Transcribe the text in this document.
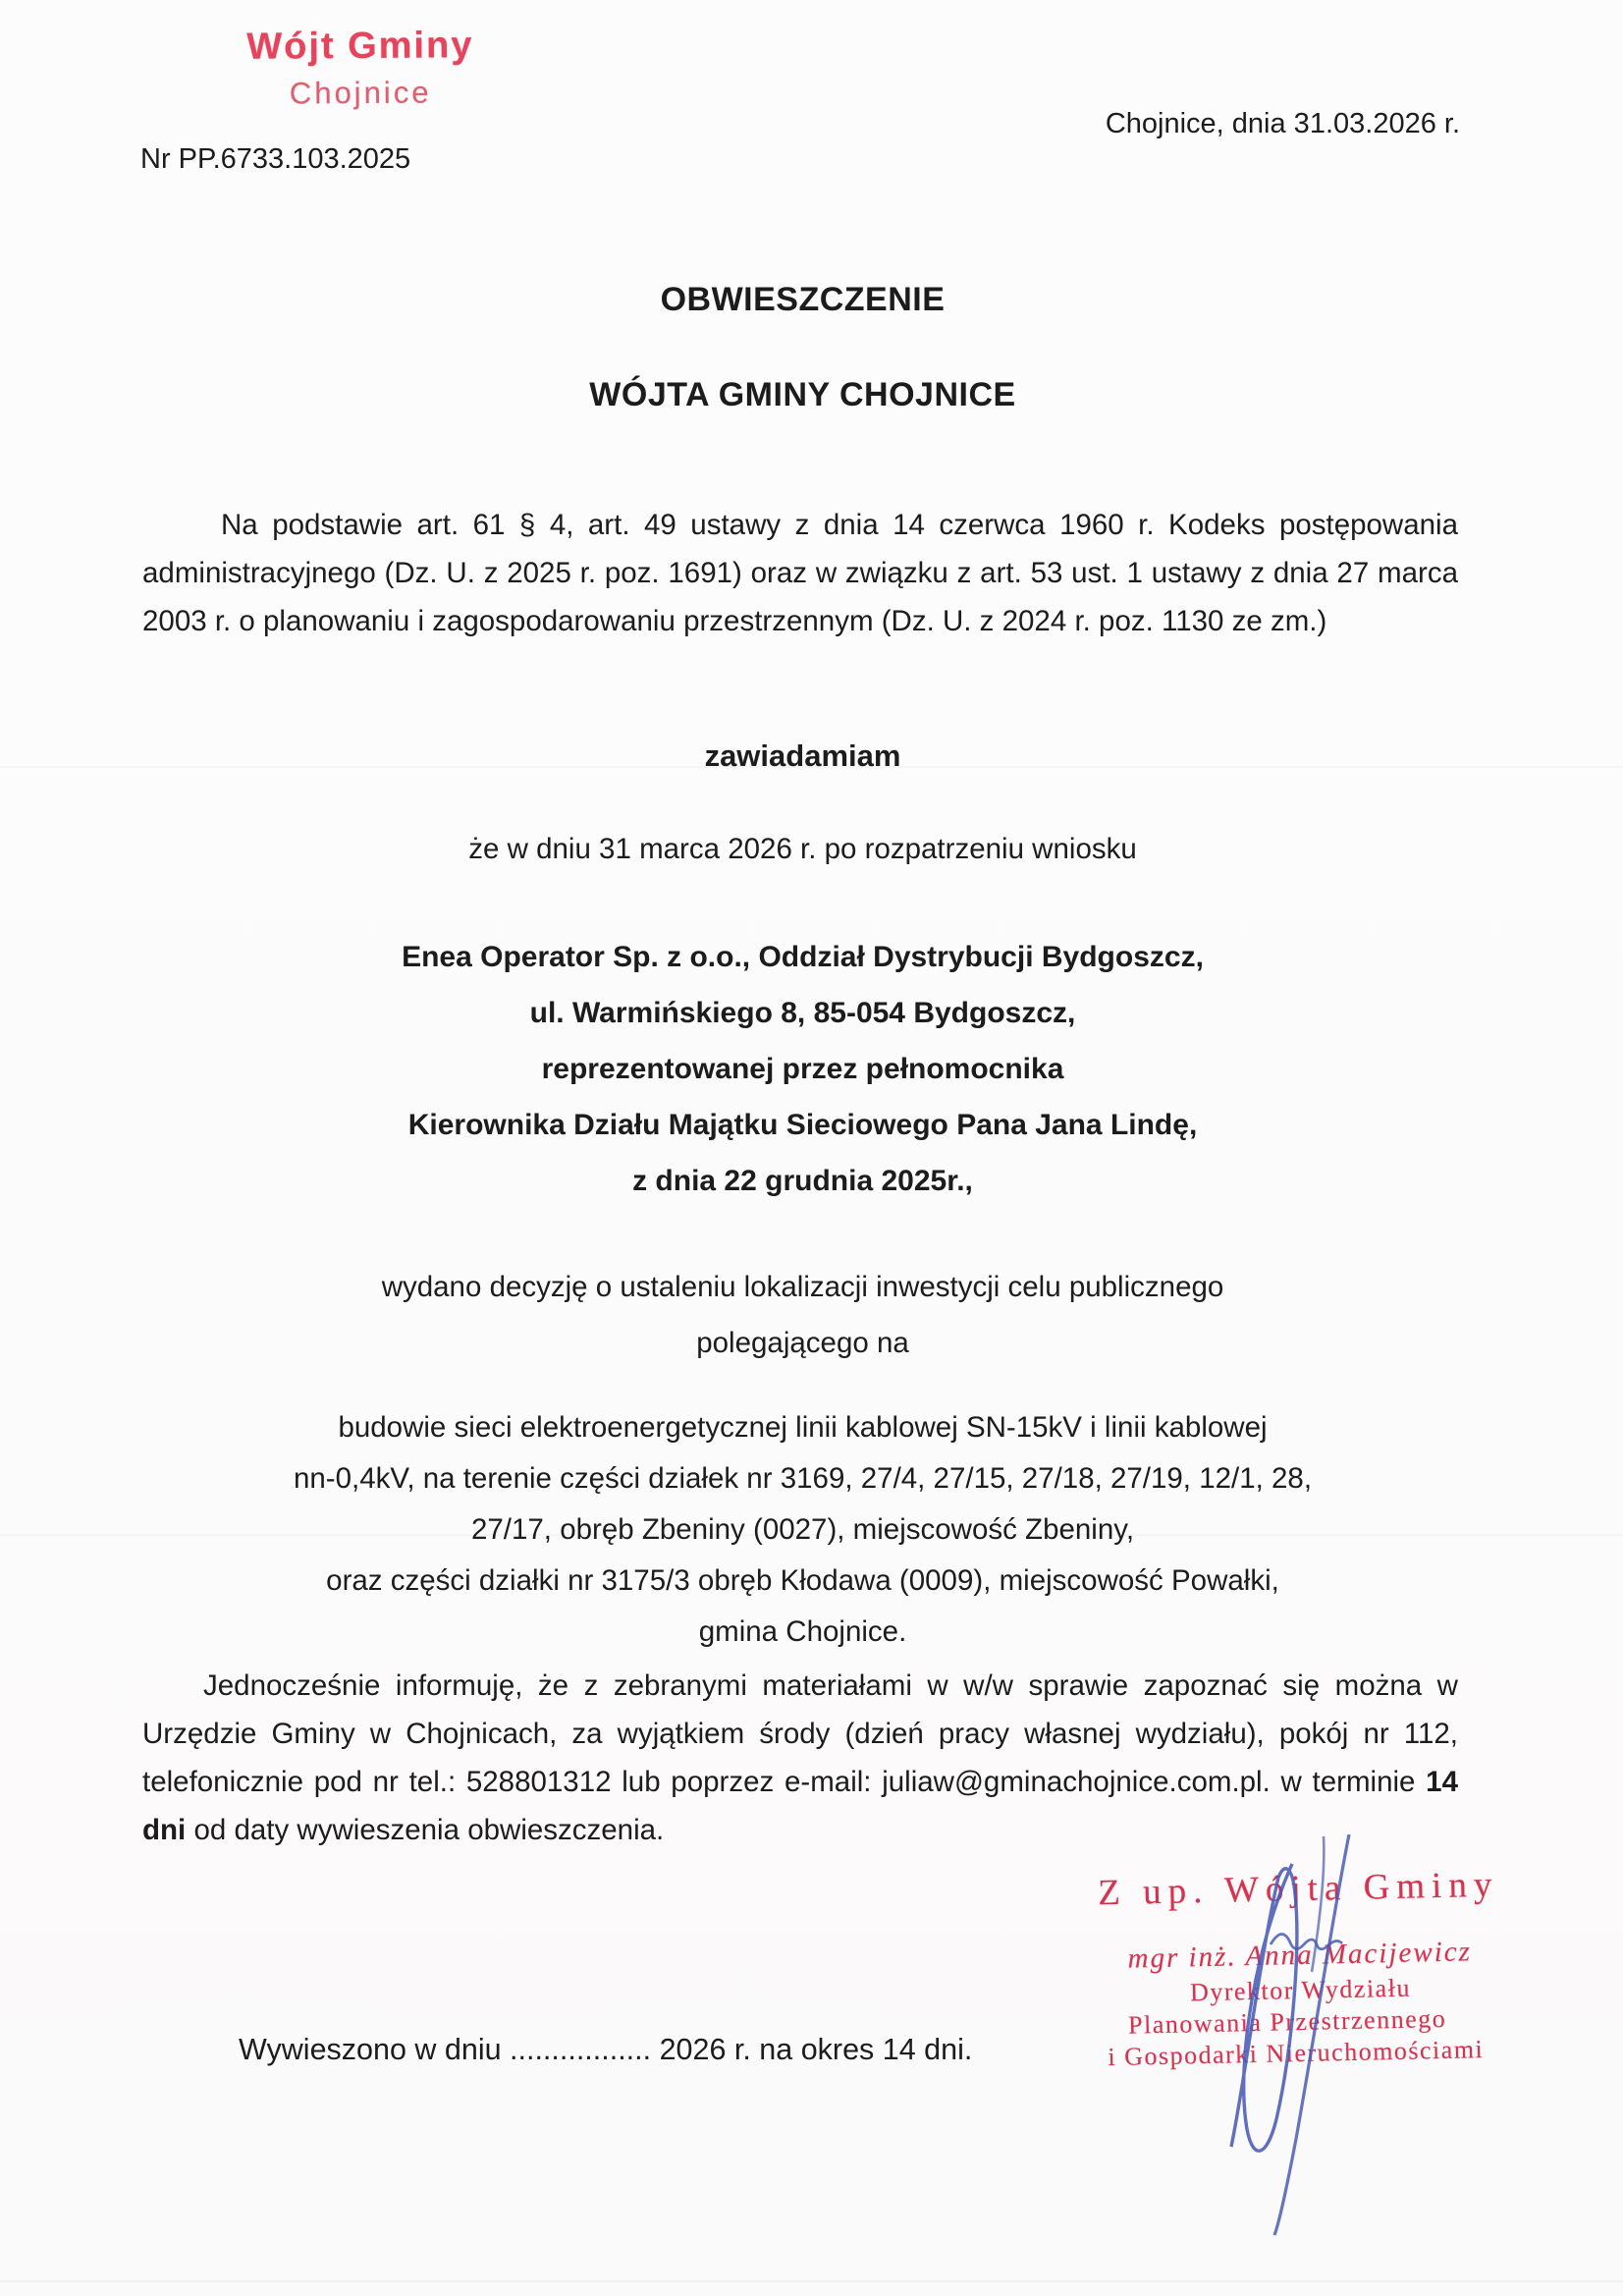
Wójt Gminy
Chojnice
Nr PP.6733.103.2025
Chojnice, dnia 31.03.2026 r.
OBWIESZCZENIE
WÓJTA GMINY CHOJNICE
Na podstawie art. 61 § 4, art. 49 ustawy z dnia 14 czerwca 1960 r. Kodeks postępowania administracyjnego (Dz. U. z 2025 r. poz. 1691) oraz w związku z art. 53 ust. 1 ustawy z dnia 27 marca 2003 r. o planowaniu i zagospodarowaniu przestrzennym (Dz. U. z 2024 r. poz. 1130 ze zm.)
zawiadamiam
że w dniu 31 marca 2026 r. po rozpatrzeniu wniosku
Enea Operator Sp. z o.o., Oddział Dystrybucji Bydgoszcz,
ul. Warmińskiego 8, 85-054 Bydgoszcz,
reprezentowanej przez pełnomocnika
Kierownika Działu Majątku Sieciowego Pana Jana Lindę,
z dnia 22 grudnia 2025r.,
wydano decyzję o ustaleniu lokalizacji inwestycji celu publicznego
polegającego na
budowie sieci elektroenergetycznej linii kablowej SN-15kV i linii kablowej
nn-0,4kV, na terenie części działek nr 3169, 27/4, 27/15, 27/18, 27/19, 12/1, 28,
27/17, obręb Zbeniny (0027), miejscowość Zbeniny,
oraz części działki nr 3175/3 obręb Kłodawa (0009), miejscowość Powałki,
gmina Chojnice.
Jednocześnie informuję, że z zebranymi materiałami w w/w sprawie zapoznać się można w Urzędzie Gminy w Chojnicach, za wyjątkiem środy (dzień pracy własnej wydziału), pokój nr 112, telefonicznie pod nr tel.: 528801312 lub poprzez e-mail: juliaw@gminachojnice.com.pl. w terminie 14 dni od daty wywieszenia obwieszczenia.
Z up. Wójta Gminy
mgr inż. Anna Macijewicz
Dyrektor Wydziału
Planowania Przestrzennego
i Gospodarki Nieruchomościami
Wywieszono w dniu ................. 2026 r. na okres 14 dni.
